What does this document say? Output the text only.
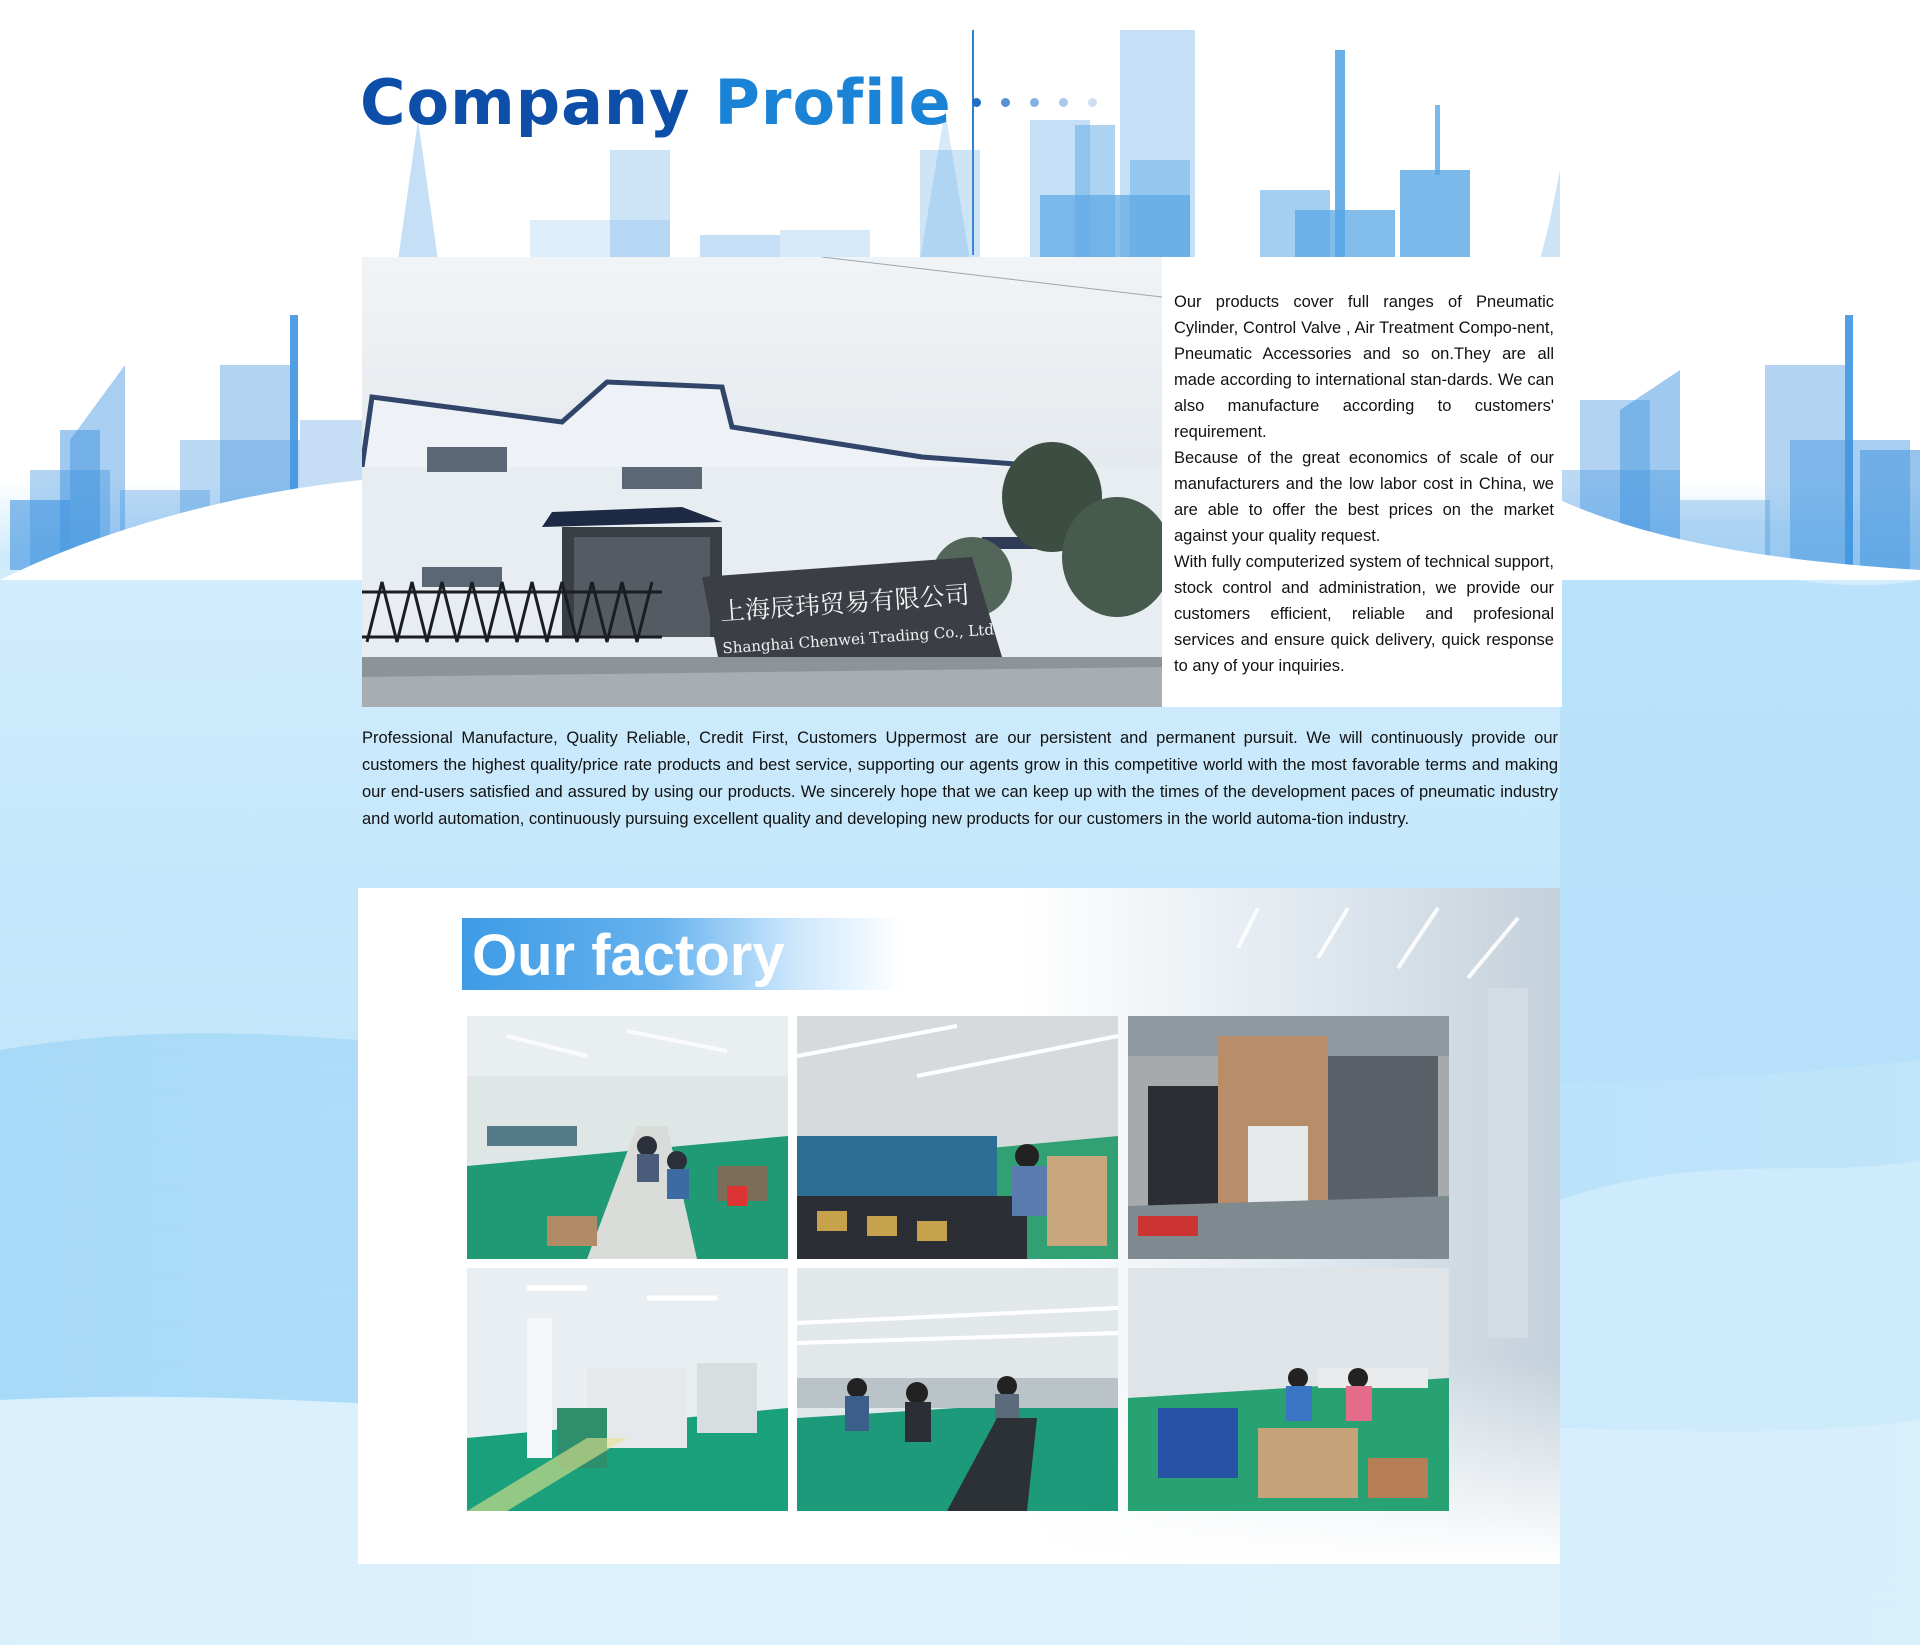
Company Profile
上海辰玮贸易有限公司
Shanghai Chenwei Trading Co., Ltd.

Our products cover full ranges of Pneumatic Cylinder, Control Valve , Air Treatment Compo-nent, Pneumatic Accessories and so on.They are all made according to international stan-dards. We can also manufacture according to customers' requirement.

Because of the great economics of scale of our manufacturers and the low labor cost in China, we are able to offer the best prices on the market against your quality request.

With fully computerized system of technical support, stock control and administration, we provide our customers efficient, reliable and profesional services and ensure quick delivery, quick response to any of your inquiries.

Professional Manufacture, Quality Reliable, Credit First, Customers Uppermost are our persistent and permanent pursuit. We will continuously provide our customers the highest quality/price rate products and best service, supporting our agents grow in this competitive world with the most favorable terms and making our end-users satisfied and assured by using our products. We sincerely hope that we can keep up with the times of the development paces of pneumatic industry and world automation, continuously pursuing excellent quality and developing new products for our customers in the world automa-tion industry.
Our factory
